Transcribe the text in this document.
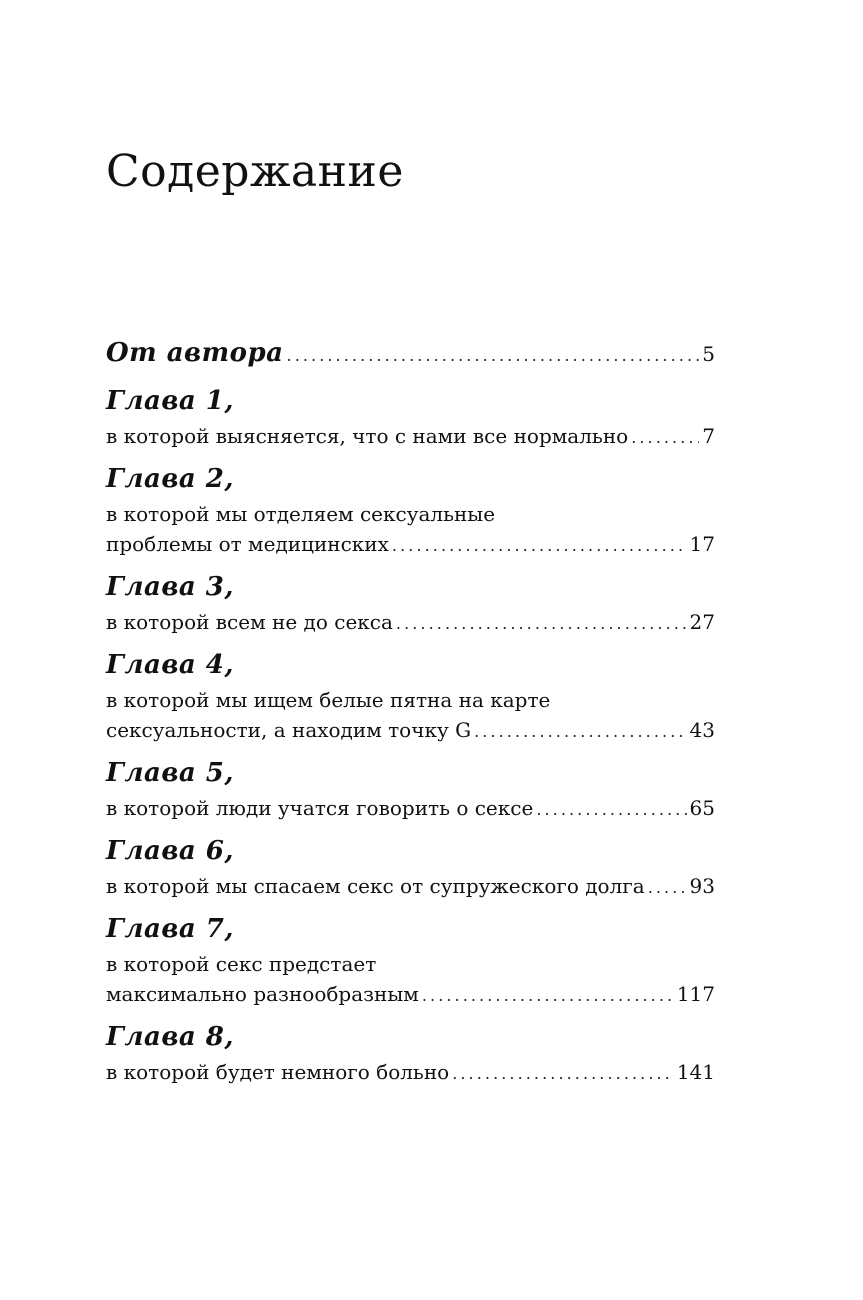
Содержание
От автора . . .	5
Глава 1,
в которой выясняется, что с нами все нормально . . .	7
Глава 2,
в которой мы отделяем сексуальные
проблемы от медицинских . . .	17
Глава 3,
в которой всем не до секса . . .	27
Глава 4,
в которой мы ищем белые пятна на карте
сексуальности, а находим точку G . . .	43
Глава 5,
в которой люди учатся говорить о сексе . . .	65
Глава 6,
в которой мы спасаем секс от супружеского долга . . . 93
Глава 7,
в которой секс предстает
максимально разнообразным . . .	117
Глава 8,
в которой будет немного больно . . .	141
